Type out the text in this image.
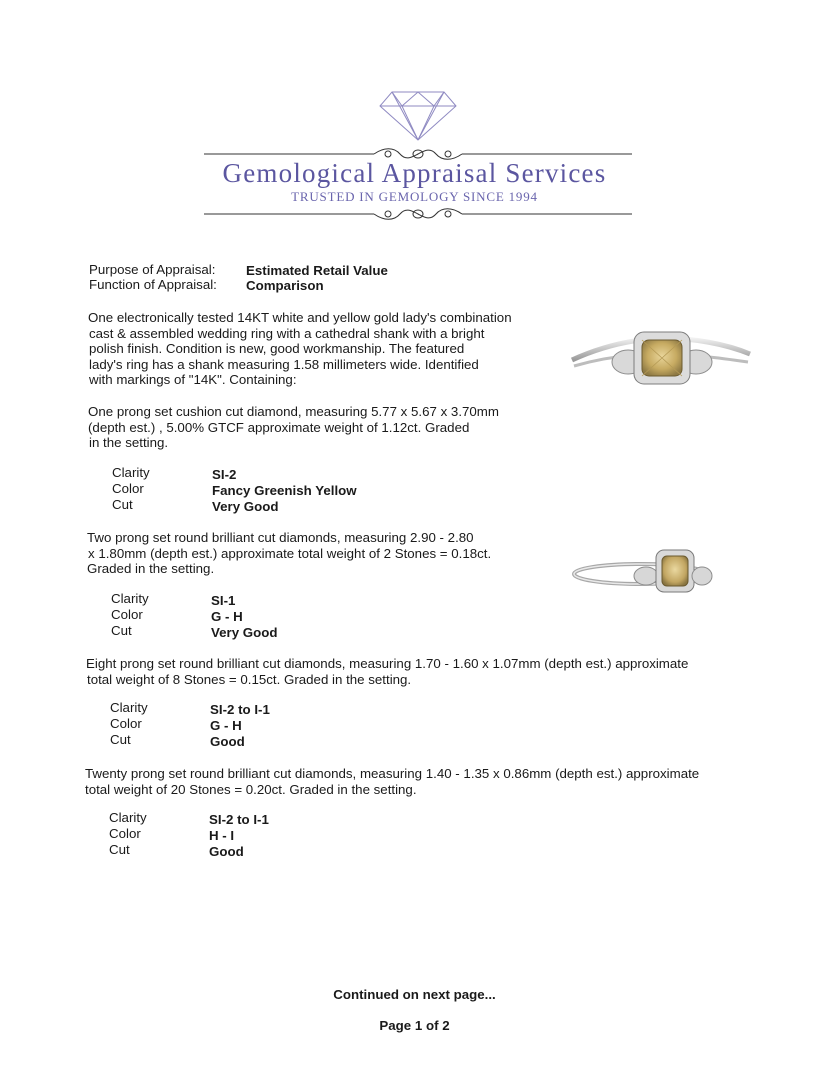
Gemological Appraisal Services
TRUSTED IN GEMOLOGY SINCE 1994
Purpose of Appraisal: Estimated Retail Value
Function of Appraisal: Comparison
One electronically tested 14KT white and yellow gold lady's combination
cast & assembled wedding ring with a cathedral shank with a bright
polish finish. Condition is new, good workmanship. The featured
lady's ring has a shank measuring 1.58 millimeters wide. Identified
with markings of "14K". Containing:
One prong set cushion cut diamond, measuring 5.77 x 5.67 x 3.70mm
(depth est.) , 5.00% GTCF approximate weight of 1.12ct. Graded
in the setting.
Clarity
Color
Cut
SI-2
Fancy Greenish Yellow
Very Good
Two prong set round brilliant cut diamonds, measuring 2.90 - 2.80
x 1.80mm (depth est.) approximate total weight of 2 Stones = 0.18ct.
Graded in the setting.
Clarity
Color
Cut
SI-1
G - H
Very Good
Eight prong set round brilliant cut diamonds, measuring 1.70 - 1.60 x 1.07mm (depth est.) approximate
total weight of 8 Stones = 0.15ct. Graded in the setting.
Clarity
Color
Cut
SI-2 to I-1
G - H
Good
Twenty prong set round brilliant cut diamonds, measuring 1.40 - 1.35 x 0.86mm (depth est.) approximate
total weight of 20 Stones = 0.20ct. Graded in the setting.
Clarity
Color
Cut
SI-2 to I-1
H - I
Good
Continued on next page...
Page 1 of 2
